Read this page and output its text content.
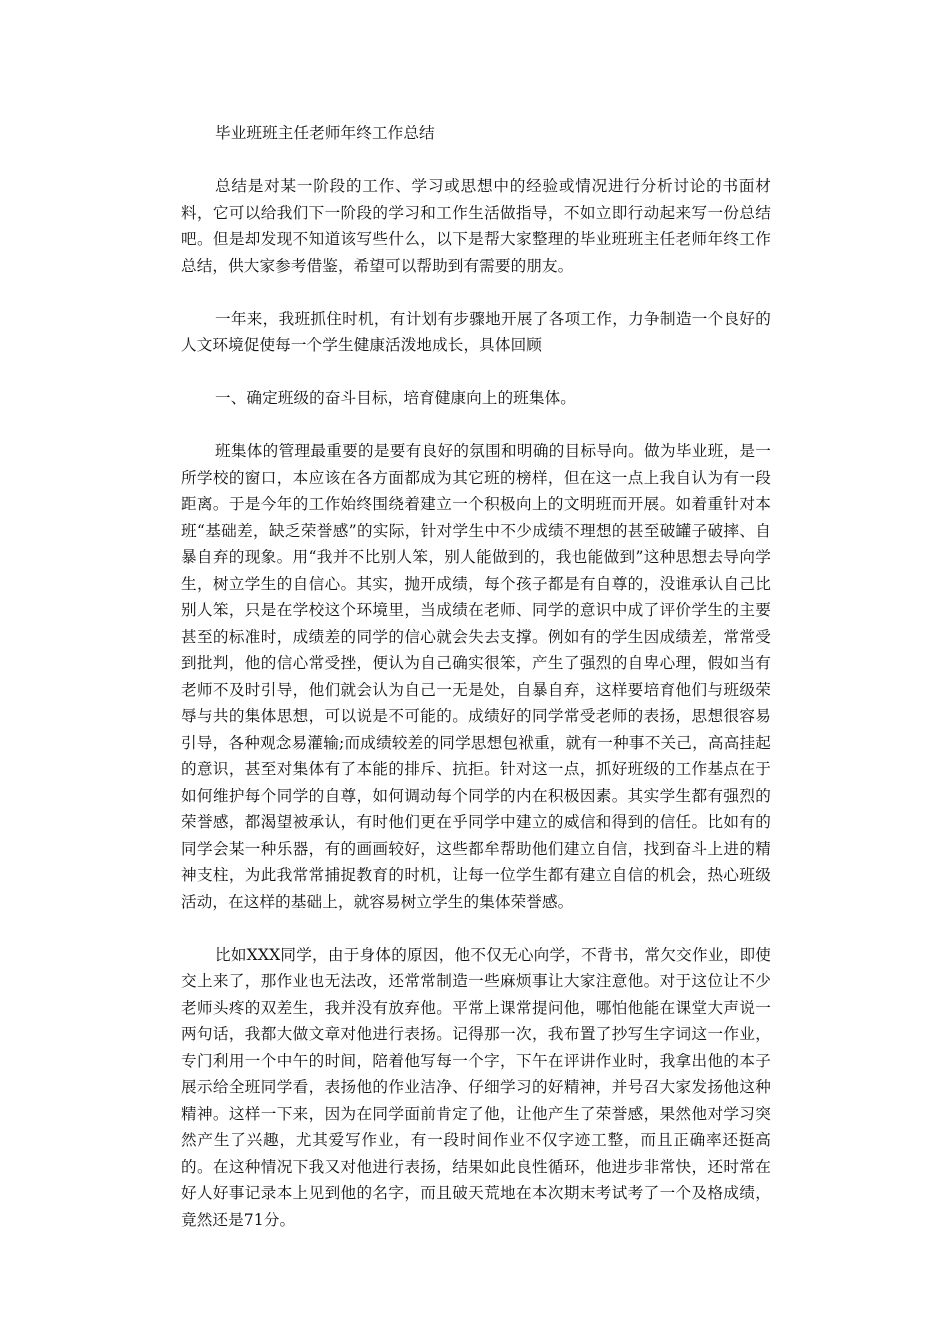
毕业班班主任老师年终工作总结

总结是对某一阶段的工作、学习或思想中的经验或情况进行分析讨论的书面材料，它可以给我们下一阶段的学习和工作生活做指导，不如立即行动起来写一份总结吧。但是却发现不知道该写些什么，以下是帮大家整理的毕业班班主任老师年终工作总结，供大家参考借鉴，希望可以帮助到有需要的朋友。

一年来，我班抓住时机，有计划有步骤地开展了各项工作，力争制造一个良好的人文环境促使每一个学生健康活泼地成长，具体回顾

一、确定班级的奋斗目标，培育健康向上的班集体。

班集体的管理最重要的是要有良好的氛围和明确的目标导向。做为毕业班，是一所学校的窗口，本应该在各方面都成为其它班的榜样，但在这一点上我自认为有一段距离。于是今年的工作始终围绕着建立一个积极向上的文明班而开展。如着重针对本班“基础差，缺乏荣誉感”的实际，针对学生中不少成绩不理想的甚至破罐子破摔、自暴自弃的现象。用“我并不比别人笨，别人能做到的，我也能做到”这种思想去导向学生，树立学生的自信心。其实，抛开成绩，每个孩子都是有自尊的，没谁承认自己比别人笨，只是在学校这个环境里，当成绩在老师、同学的意识中成了评价学生的主要甚至的标准时，成绩差的同学的信心就会失去支撑。例如有的学生因成绩差，常常受到批判，他的信心常受挫，便认为自己确实很笨，产生了强烈的自卑心理，假如当有老师不及时引导，他们就会认为自己一无是处，自暴自弃，这样要培育他们与班级荣辱与共的集体思想，可以说是不可能的。成绩好的同学常受老师的表扬，思想很容易引导，各种观念易灌输;而成绩较差的同学思想包袱重，就有一种事不关己，高高挂起的意识，甚至对集体有了本能的排斥、抗拒。针对这一点，抓好班级的工作基点在于如何维护每个同学的自尊，如何调动每个同学的内在积极因素。其实学生都有强烈的荣誉感，都渴望被承认，有时他们更在乎同学中建立的威信和得到的信任。比如有的同学会某一种乐器，有的画画较好，这些都牟帮助他们建立自信，找到奋斗上进的精神支柱，为此我常常捕捉教育的时机，让每一位学生都有建立自信的机会，热心班级活动，在这样的基础上，就容易树立学生的集体荣誉感。

比如XXX同学，由于身体的原因，他不仅无心向学，不背书，常欠交作业，即使交上来了，那作业也无法改，还常常制造一些麻烦事让大家注意他。对于这位让不少老师头疼的双差生，我并没有放弃他。平常上课常提问他，哪怕他能在课堂大声说一两句话，我都大做文章对他进行表扬。记得那一次，我布置了抄写生字词这一作业，专门利用一个中午的时间，陪着他写每一个字，下午在评讲作业时，我拿出他的本子展示给全班同学看，表扬他的作业洁净、仔细学习的好精神，并号召大家发扬他这种精神。这样一下来，因为在同学面前肯定了他，让他产生了荣誉感，果然他对学习突然产生了兴趣，尤其爱写作业，有一段时间作业不仅字迹工整，而且正确率还挺高的。在这种情况下我又对他进行表扬，结果如此良性循环，他进步非常快，还时常在好人好事记录本上见到他的名字，而且破天荒地在本次期末考试考了一个及格成绩，竟然还是71分。
